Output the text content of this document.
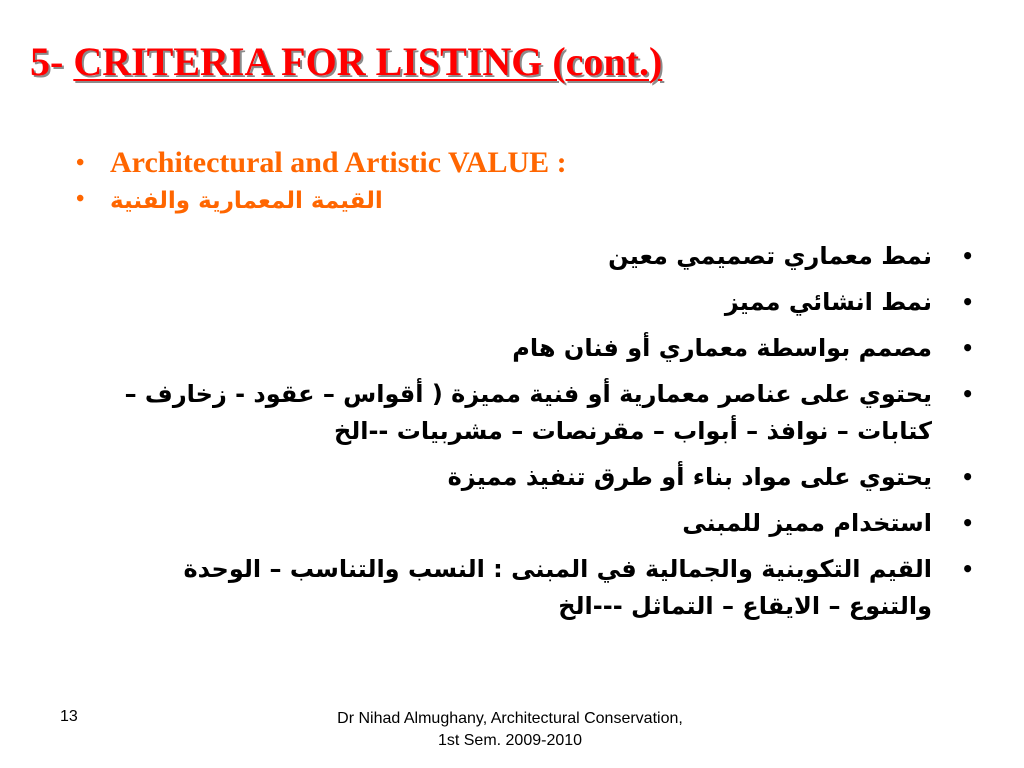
5- CRITERIA FOR LISTING (cont.)
• Architectural and Artistic VALUE :
• القيمة المعمارية والفنية
•
نمط معماري تصميمي معين
•
نمط انشائي مميز
•
مصمم بواسطة معماري أو فنان هام
•
يحتوي على عناصر معمارية أو فنية مميزة ( أقواس – عقود - زخارف – كتابات – نوافذ – أبواب – مقرنصات – مشربيات --الخ
•
يحتوي على مواد بناء أو طرق تنفيذ مميزة
•
استخدام مميز للمبنى
•
القيم التكوينية والجمالية في المبنى : النسب والتناسب – الوحدة والتنوع – الايقاع – التماثل ---الخ
13	Dr Nihad Almughany, Architectural Conservation, 1st Sem. 2009-2010
